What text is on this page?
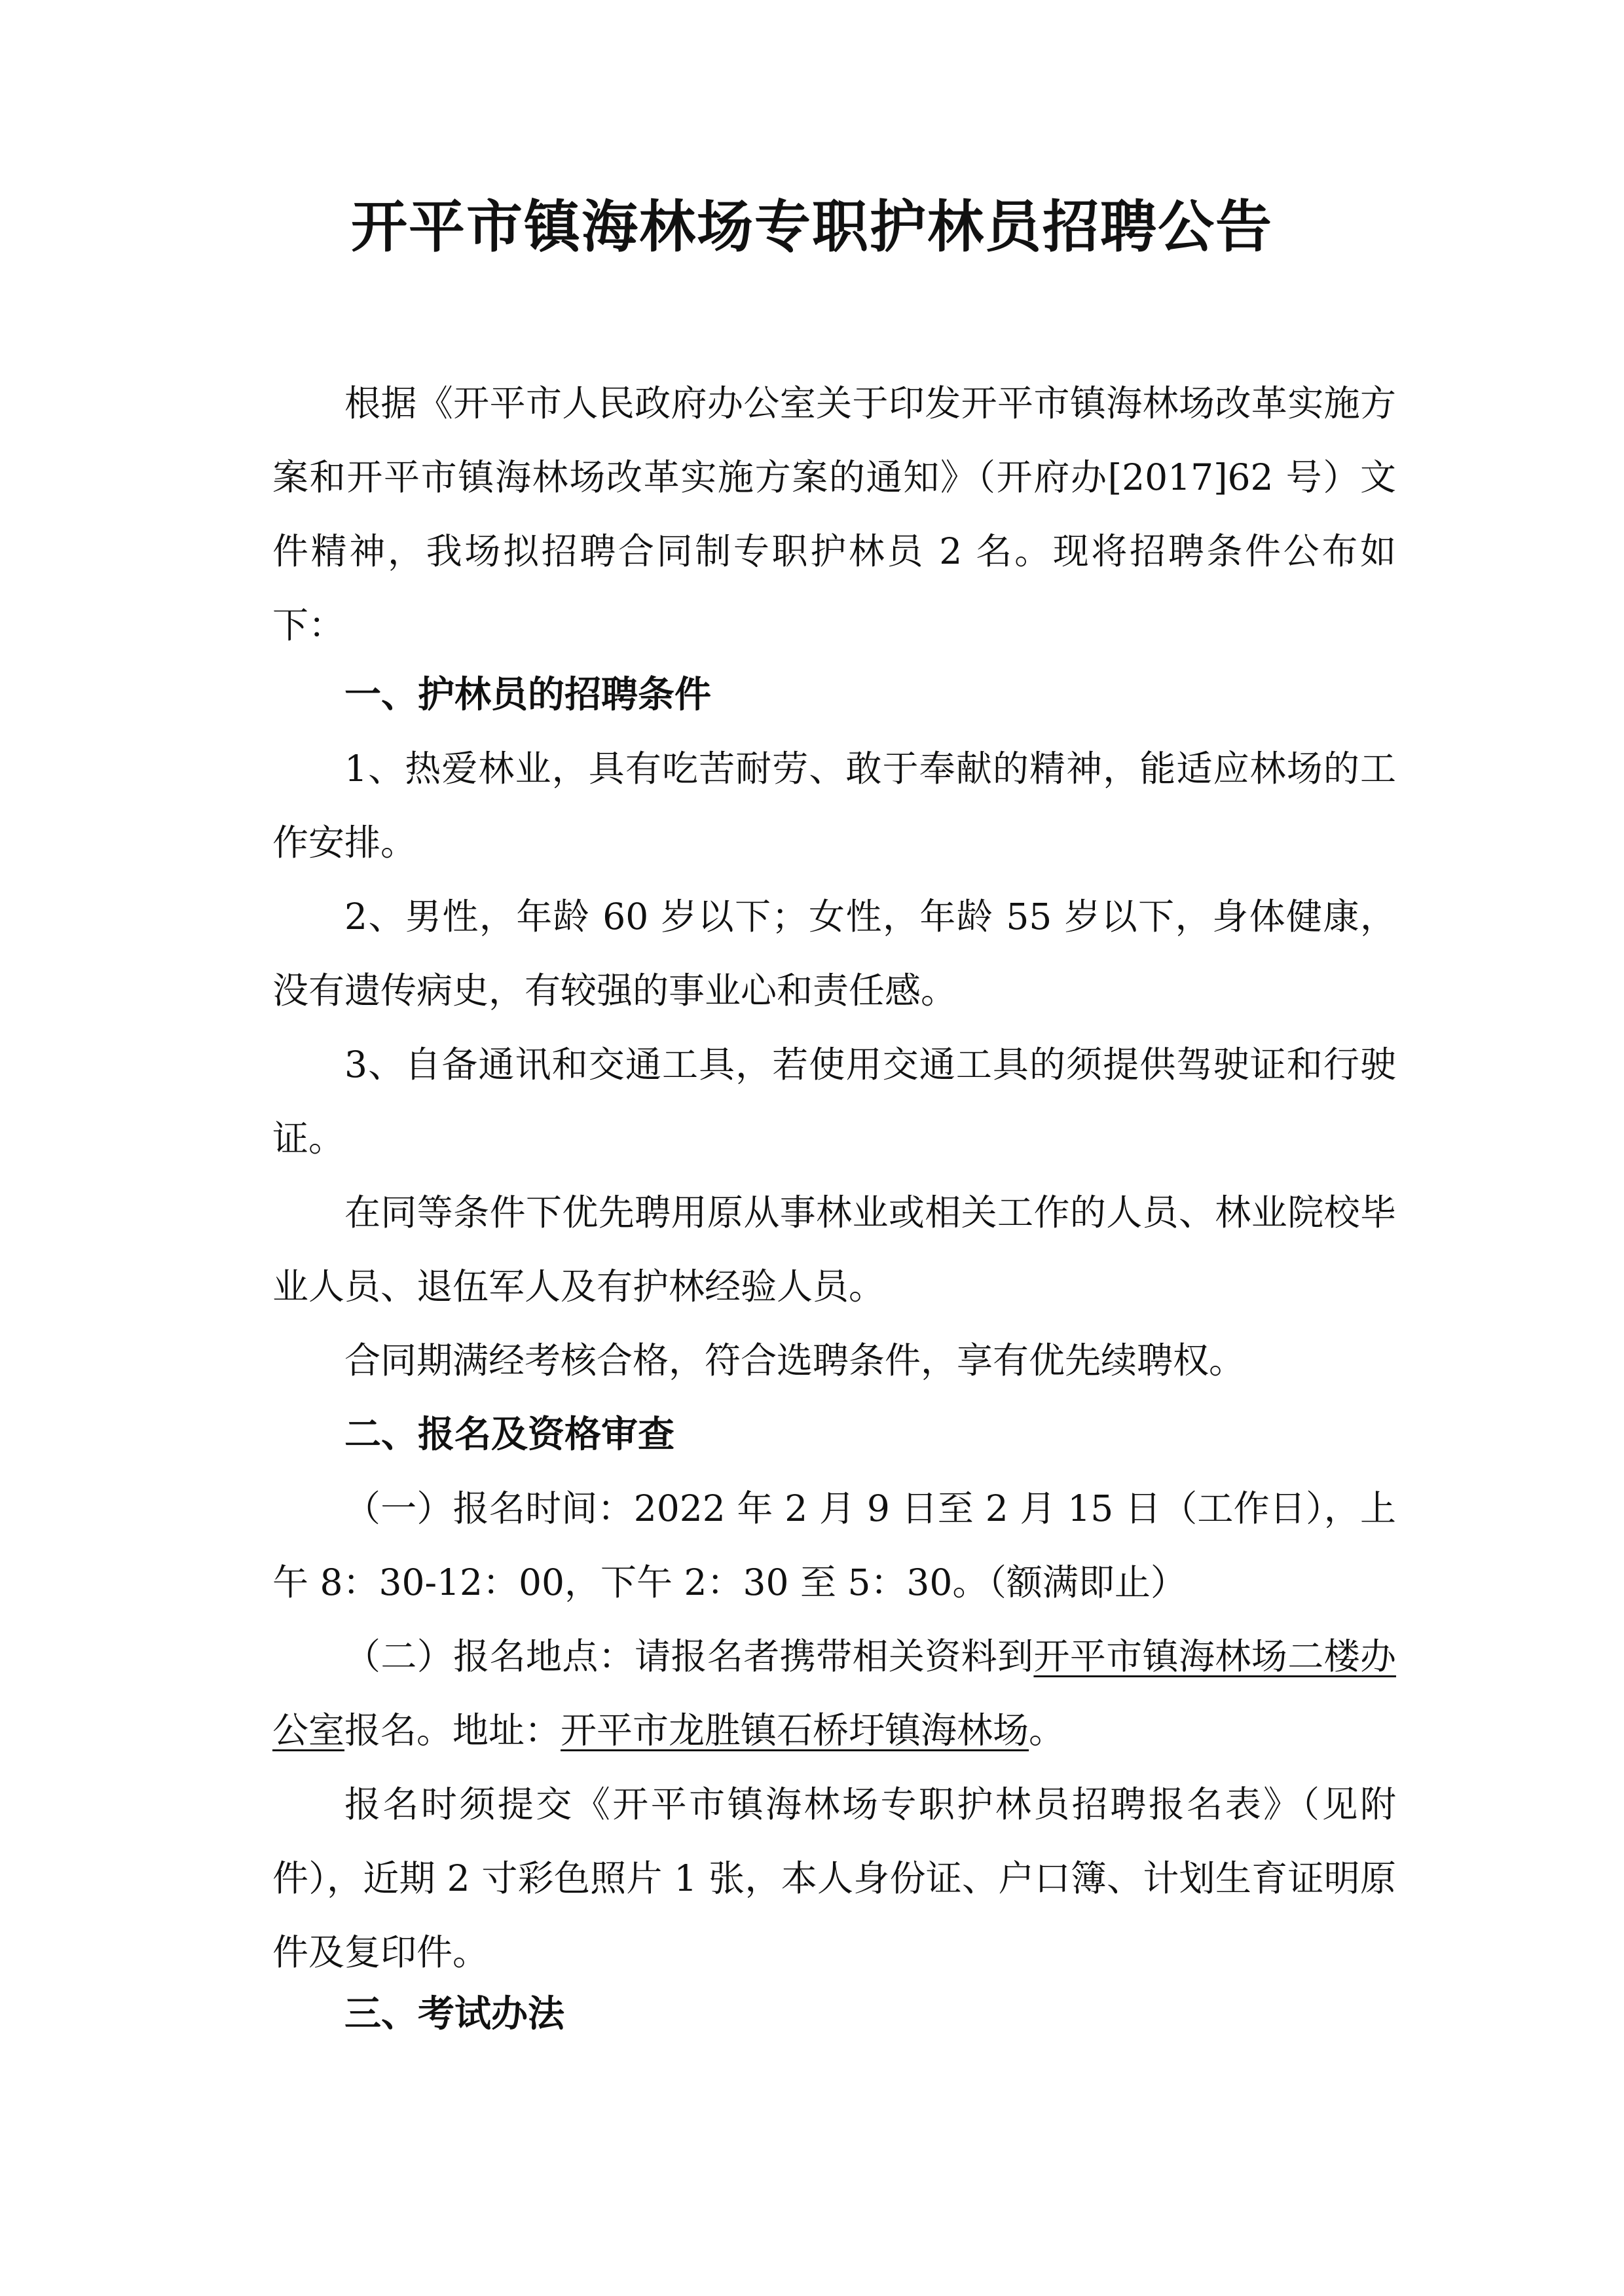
开平市镇海林场专职护林员招聘公告

根据《开平市人民政府办公室关于印发开平市镇海林场改革实施方案和开平市镇海林场改革实施方案的通知》（开府办[2017]62 号）文件精神，我场拟招聘合同制专职护林员 2 名。现将招聘条件公布如下：

一、护林员的招聘条件

1、热爱林业，具有吃苦耐劳、敢于奉献的精神，能适应林场的工作安排。

2、男性，年龄 60 岁以下；女性，年龄 55 岁以下，身体健康，没有遗传病史，有较强的事业心和责任感。

3、自备通讯和交通工具，若使用交通工具的须提供驾驶证和行驶证。

在同等条件下优先聘用原从事林业或相关工作的人员、林业院校毕业人员、退伍军人及有护林经验人员。

合同期满经考核合格，符合选聘条件，享有优先续聘权。

二、报名及资格审查

（一）报名时间：2022 年 2 月 9 日至 2 月 15 日（工作日），上午 8：30-12：00，下午 2：30 至 5：30。（额满即止）

（二）报名地点：请报名者携带相关资料到开平市镇海林场二楼办公室报名。地址：开平市龙胜镇石桥圩镇海林场。

报名时须提交《开平市镇海林场专职护林员招聘报名表》（见附件），近期 2 寸彩色照片 1 张，本人身份证、户口簿、计划生育证明原件及复印件。

三、考试办法
